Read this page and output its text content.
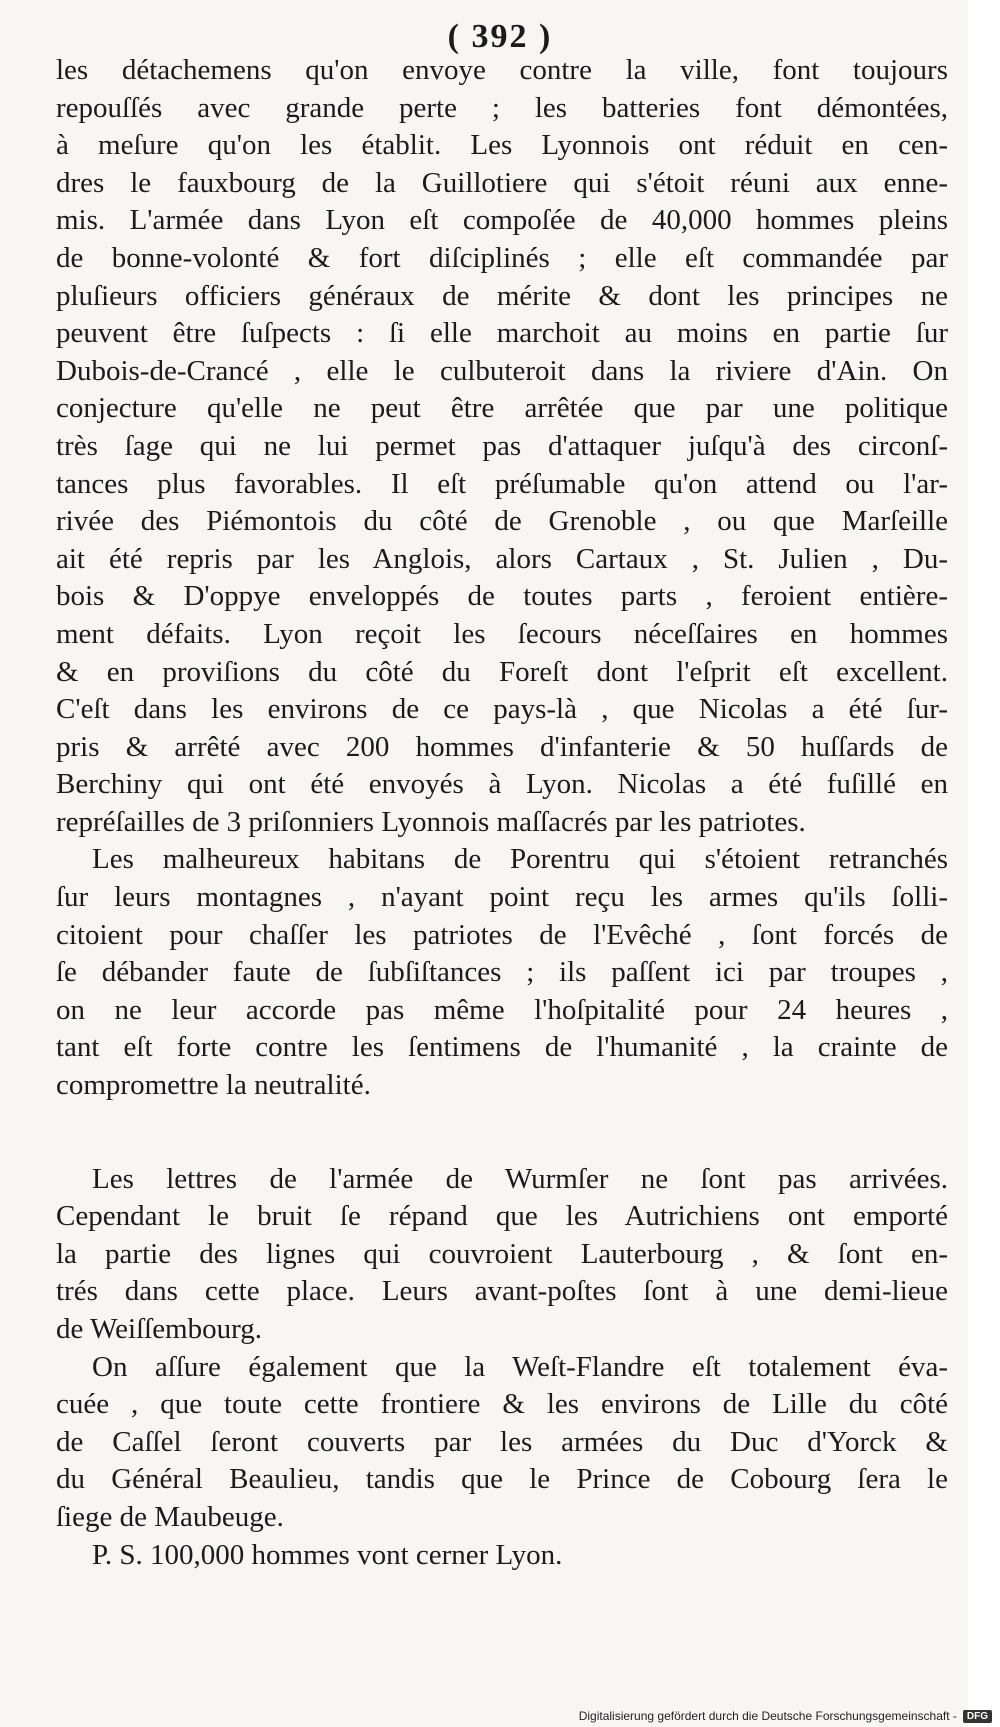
( 392 )
les détachemens qu'on envoye contre la ville, font toujours
repouſſés avec grande perte ; les batteries font démontées,
à meſure qu'on les établit. Les Lyonnois ont réduit en cen-
dres le fauxbourg de la Guillotiere qui s'étoit réuni aux enne-
mis. L'armée dans Lyon eſt compoſée de 40,000 hommes pleins
de bonne-volonté & fort diſciplinés ; elle eſt commandée par
pluſieurs officiers généraux de mérite & dont les principes ne
peuvent être ſuſpects : ſi elle marchoit au moins en partie ſur
Dubois-de-Crancé , elle le culbuteroit dans la riviere d'Ain. On
conjecture qu'elle ne peut être arrêtée que par une politique
très ſage qui ne lui permet pas d'attaquer juſqu'à des circonſ-
tances plus favorables. Il eſt préſumable qu'on attend ou l'ar-
rivée des Piémontois du côté de Grenoble , ou que Marſeille
ait été repris par les Anglois, alors Cartaux , St. Julien , Du-
bois & D'oppye enveloppés de toutes parts , feroient entière-
ment défaits. Lyon reçoit les ſecours néceſſaires en hommes
& en proviſions du côté du Foreſt dont l'eſprit eſt excellent.
C'eſt dans les environs de ce pays-là , que Nicolas a été ſur-
pris & arrêté avec 200 hommes d'infanterie & 50 huſſards de
Berchiny qui ont été envoyés à Lyon. Nicolas a été fuſillé en
repréſailles de 3 priſonniers Lyonnois maſſacrés par les patriotes.
Les malheureux habitans de Porentru qui s'étoient retranchés
ſur leurs montagnes , n'ayant point reçu les armes qu'ils ſolli-
citoient pour chaſſer les patriotes de l'Evêché , ſont forcés de
ſe débander faute de ſubſiſtances ; ils paſſent ici par troupes ,
on ne leur accorde pas même l'hoſpitalité pour 24 heures ,
tant eſt forte contre les ſentimens de l'humanité , la crainte de
compromettre la neutralité.
Les lettres de l'armée de Wurmſer ne ſont pas arrivées.
Cependant le bruit ſe répand que les Autrichiens ont emporté
la partie des lignes qui couvroient Lauterbourg , & ſont en-
trés dans cette place. Leurs avant-poſtes ſont à une demi-lieue
de Weiſſembourg.
On aſſure également que la Weſt-Flandre eſt totalement éva-
cuée , que toute cette frontiere & les environs de Lille du côté
de Caſſel ſeront couverts par les armées du Duc d'Yorck &
du Général Beaulieu, tandis que le Prince de Cobourg ſera le
ſiege de Maubeuge.
P. S. 100,000 hommes vont cerner Lyon.
Digitalisierung gefördert durch die Deutsche Forschungsgemeinschaft -	DFG
